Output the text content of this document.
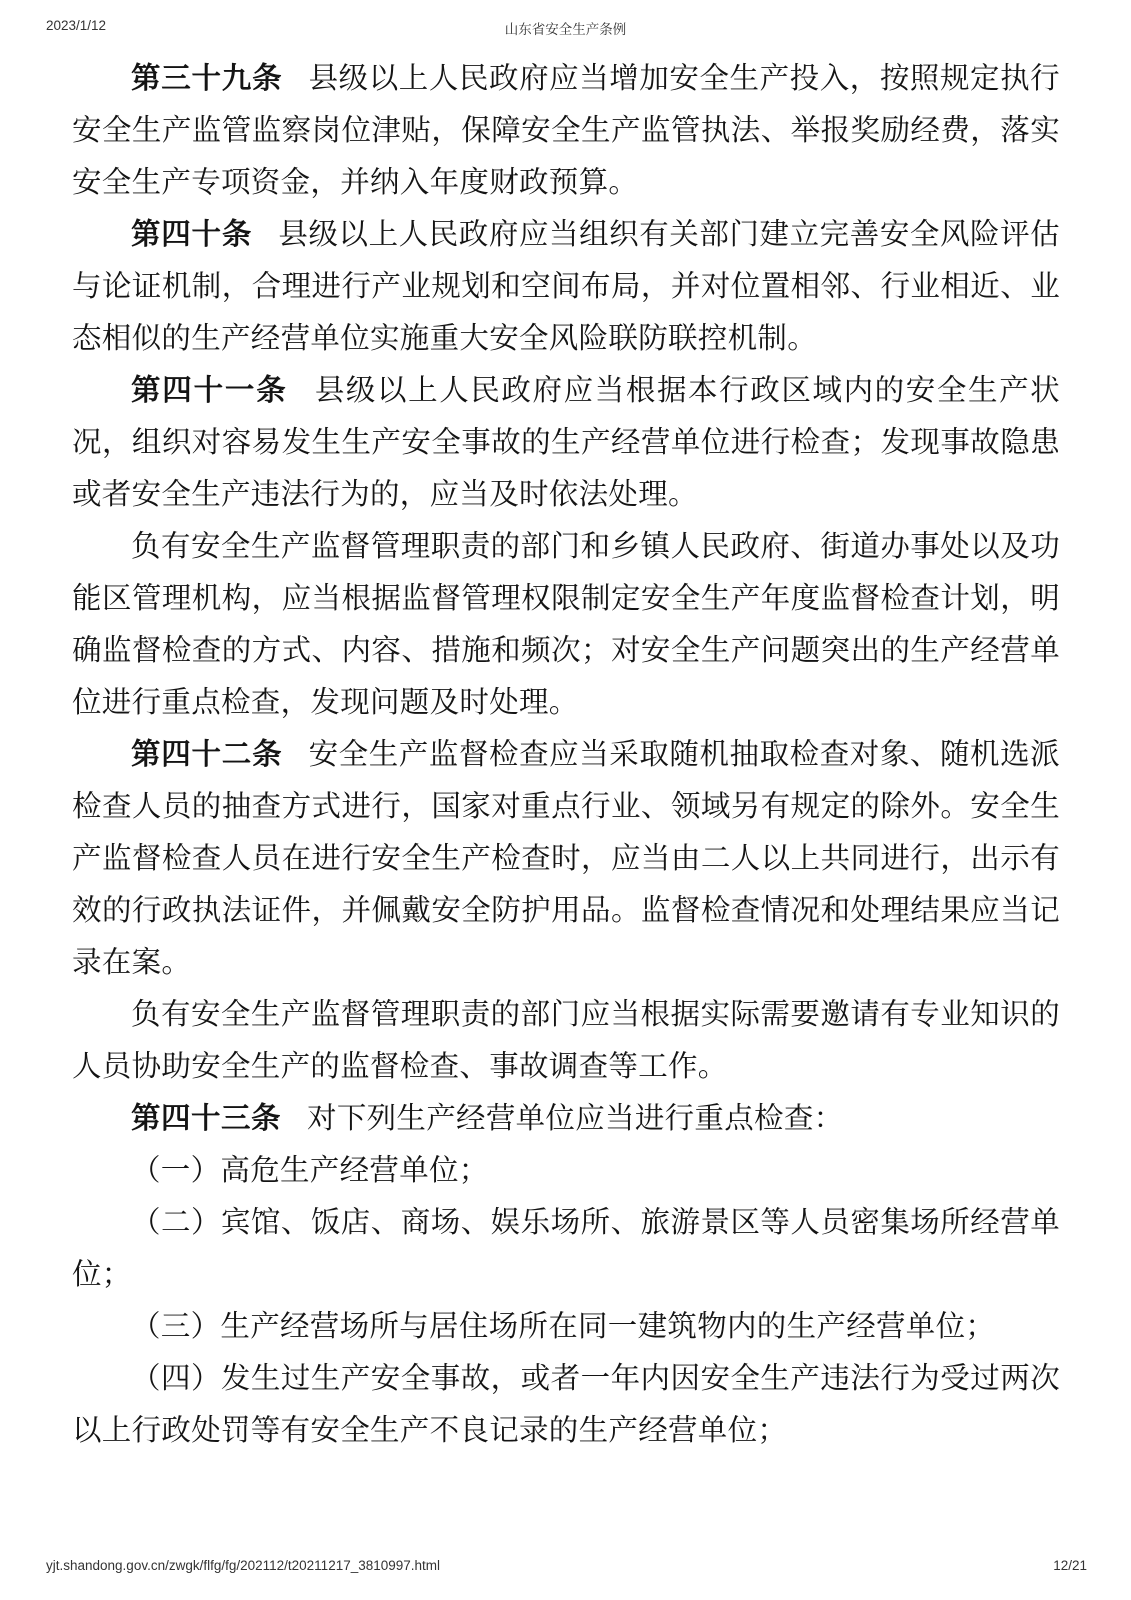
2023/1/12	山东省安全生产条例

第三十九条 县级以上人民政府应当增加安全生产投入，按照规定执行安全生产监管监察岗位津贴，保障安全生产监管执法、举报奖励经费，落实安全生产专项资金，并纳入年度财政预算。

第四十条 县级以上人民政府应当组织有关部门建立完善安全风险评估与论证机制，合理进行产业规划和空间布局，并对位置相邻、行业相近、业态相似的生产经营单位实施重大安全风险联防联控机制。

第四十一条 县级以上人民政府应当根据本行政区域内的安全生产状况，组织对容易发生生产安全事故的生产经营单位进行检查；发现事故隐患或者安全生产违法行为的，应当及时依法处理。

负有安全生产监督管理职责的部门和乡镇人民政府、街道办事处以及功能区管理机构，应当根据监督管理权限制定安全生产年度监督检查计划，明确监督检查的方式、内容、措施和频次；对安全生产问题突出的生产经营单位进行重点检查，发现问题及时处理。

第四十二条 安全生产监督检查应当采取随机抽取检查对象、随机选派检查人员的抽查方式进行，国家对重点行业、领域另有规定的除外。安全生产监督检查人员在进行安全生产检查时，应当由二人以上共同进行，出示有效的行政执法证件，并佩戴安全防护用品。监督检查情况和处理结果应当记录在案。

负有安全生产监督管理职责的部门应当根据实际需要邀请有专业知识的人员协助安全生产的监督检查、事故调查等工作。

第四十三条 对下列生产经营单位应当进行重点检查：

（一）高危生产经营单位；

（二）宾馆、饭店、商场、娱乐场所、旅游景区等人员密集场所经营单位；

（三）生产经营场所与居住场所在同一建筑物内的生产经营单位；

（四）发生过生产安全事故，或者一年内因安全生产违法行为受过两次以上行政处罚等有安全生产不良记录的生产经营单位；

yjt.shandong.gov.cn/zwgk/flfg/fg/202112/t20211217_3810997.html	12/21
